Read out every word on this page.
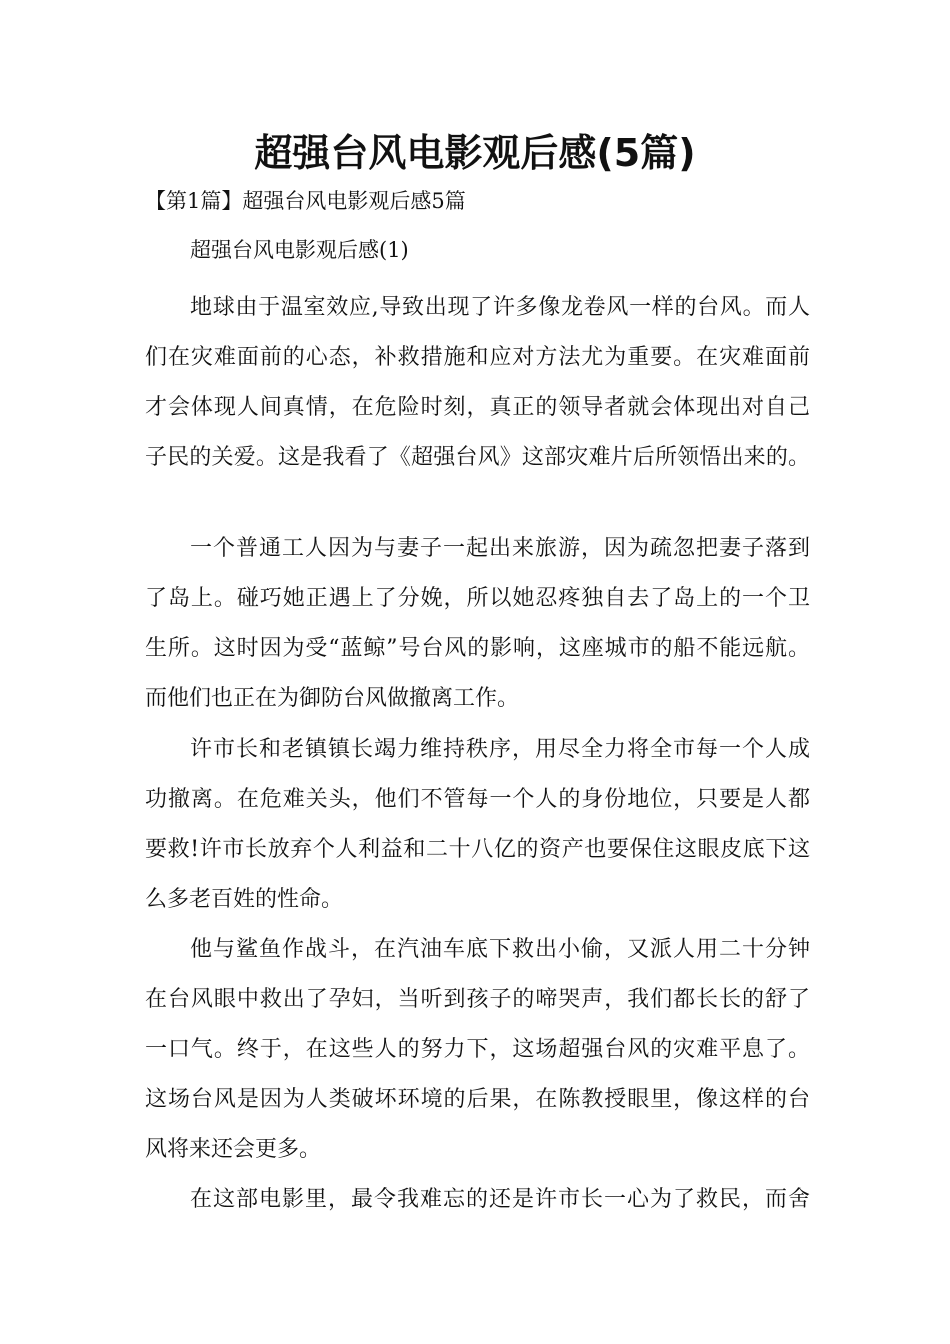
超强台风电影观后感(5篇)
【第1篇】超强台风电影观后感5篇
超强台风电影观后感(1)
地球由于温室效应,导致出现了许多像龙卷风一样的台风。而人
们在灾难面前的心态，补救措施和应对方法尤为重要。在灾难面前
才会体现人间真情，在危险时刻，真正的领导者就会体现出对自己
子民的关爱。这是我看了《超强台风》这部灾难片后所领悟出来的。
一个普通工人因为与妻子一起出来旅游，因为疏忽把妻子落到
了岛上。碰巧她正遇上了分娩，所以她忍疼独自去了岛上的一个卫
生所。这时因为受“蓝鲸”号台风的影响，这座城市的船不能远航。
而他们也正在为御防台风做撤离工作。
许市长和老镇镇长竭力维持秩序，用尽全力将全市每一个人成
功撤离。在危难关头，他们不管每一个人的身份地位，只要是人都
要救!许市长放弃个人利益和二十八亿的资产也要保住这眼皮底下这
么多老百姓的性命。
他与鲨鱼作战斗，在汽油车底下救出小偷，又派人用二十分钟
在台风眼中救出了孕妇，当听到孩子的啼哭声，我们都长长的舒了
一口气。终于，在这些人的努力下，这场超强台风的灾难平息了。
这场台风是因为人类破坏环境的后果，在陈教授眼里，像这样的台
风将来还会更多。
在这部电影里，最令我难忘的还是许市长一心为了救民，而舍
